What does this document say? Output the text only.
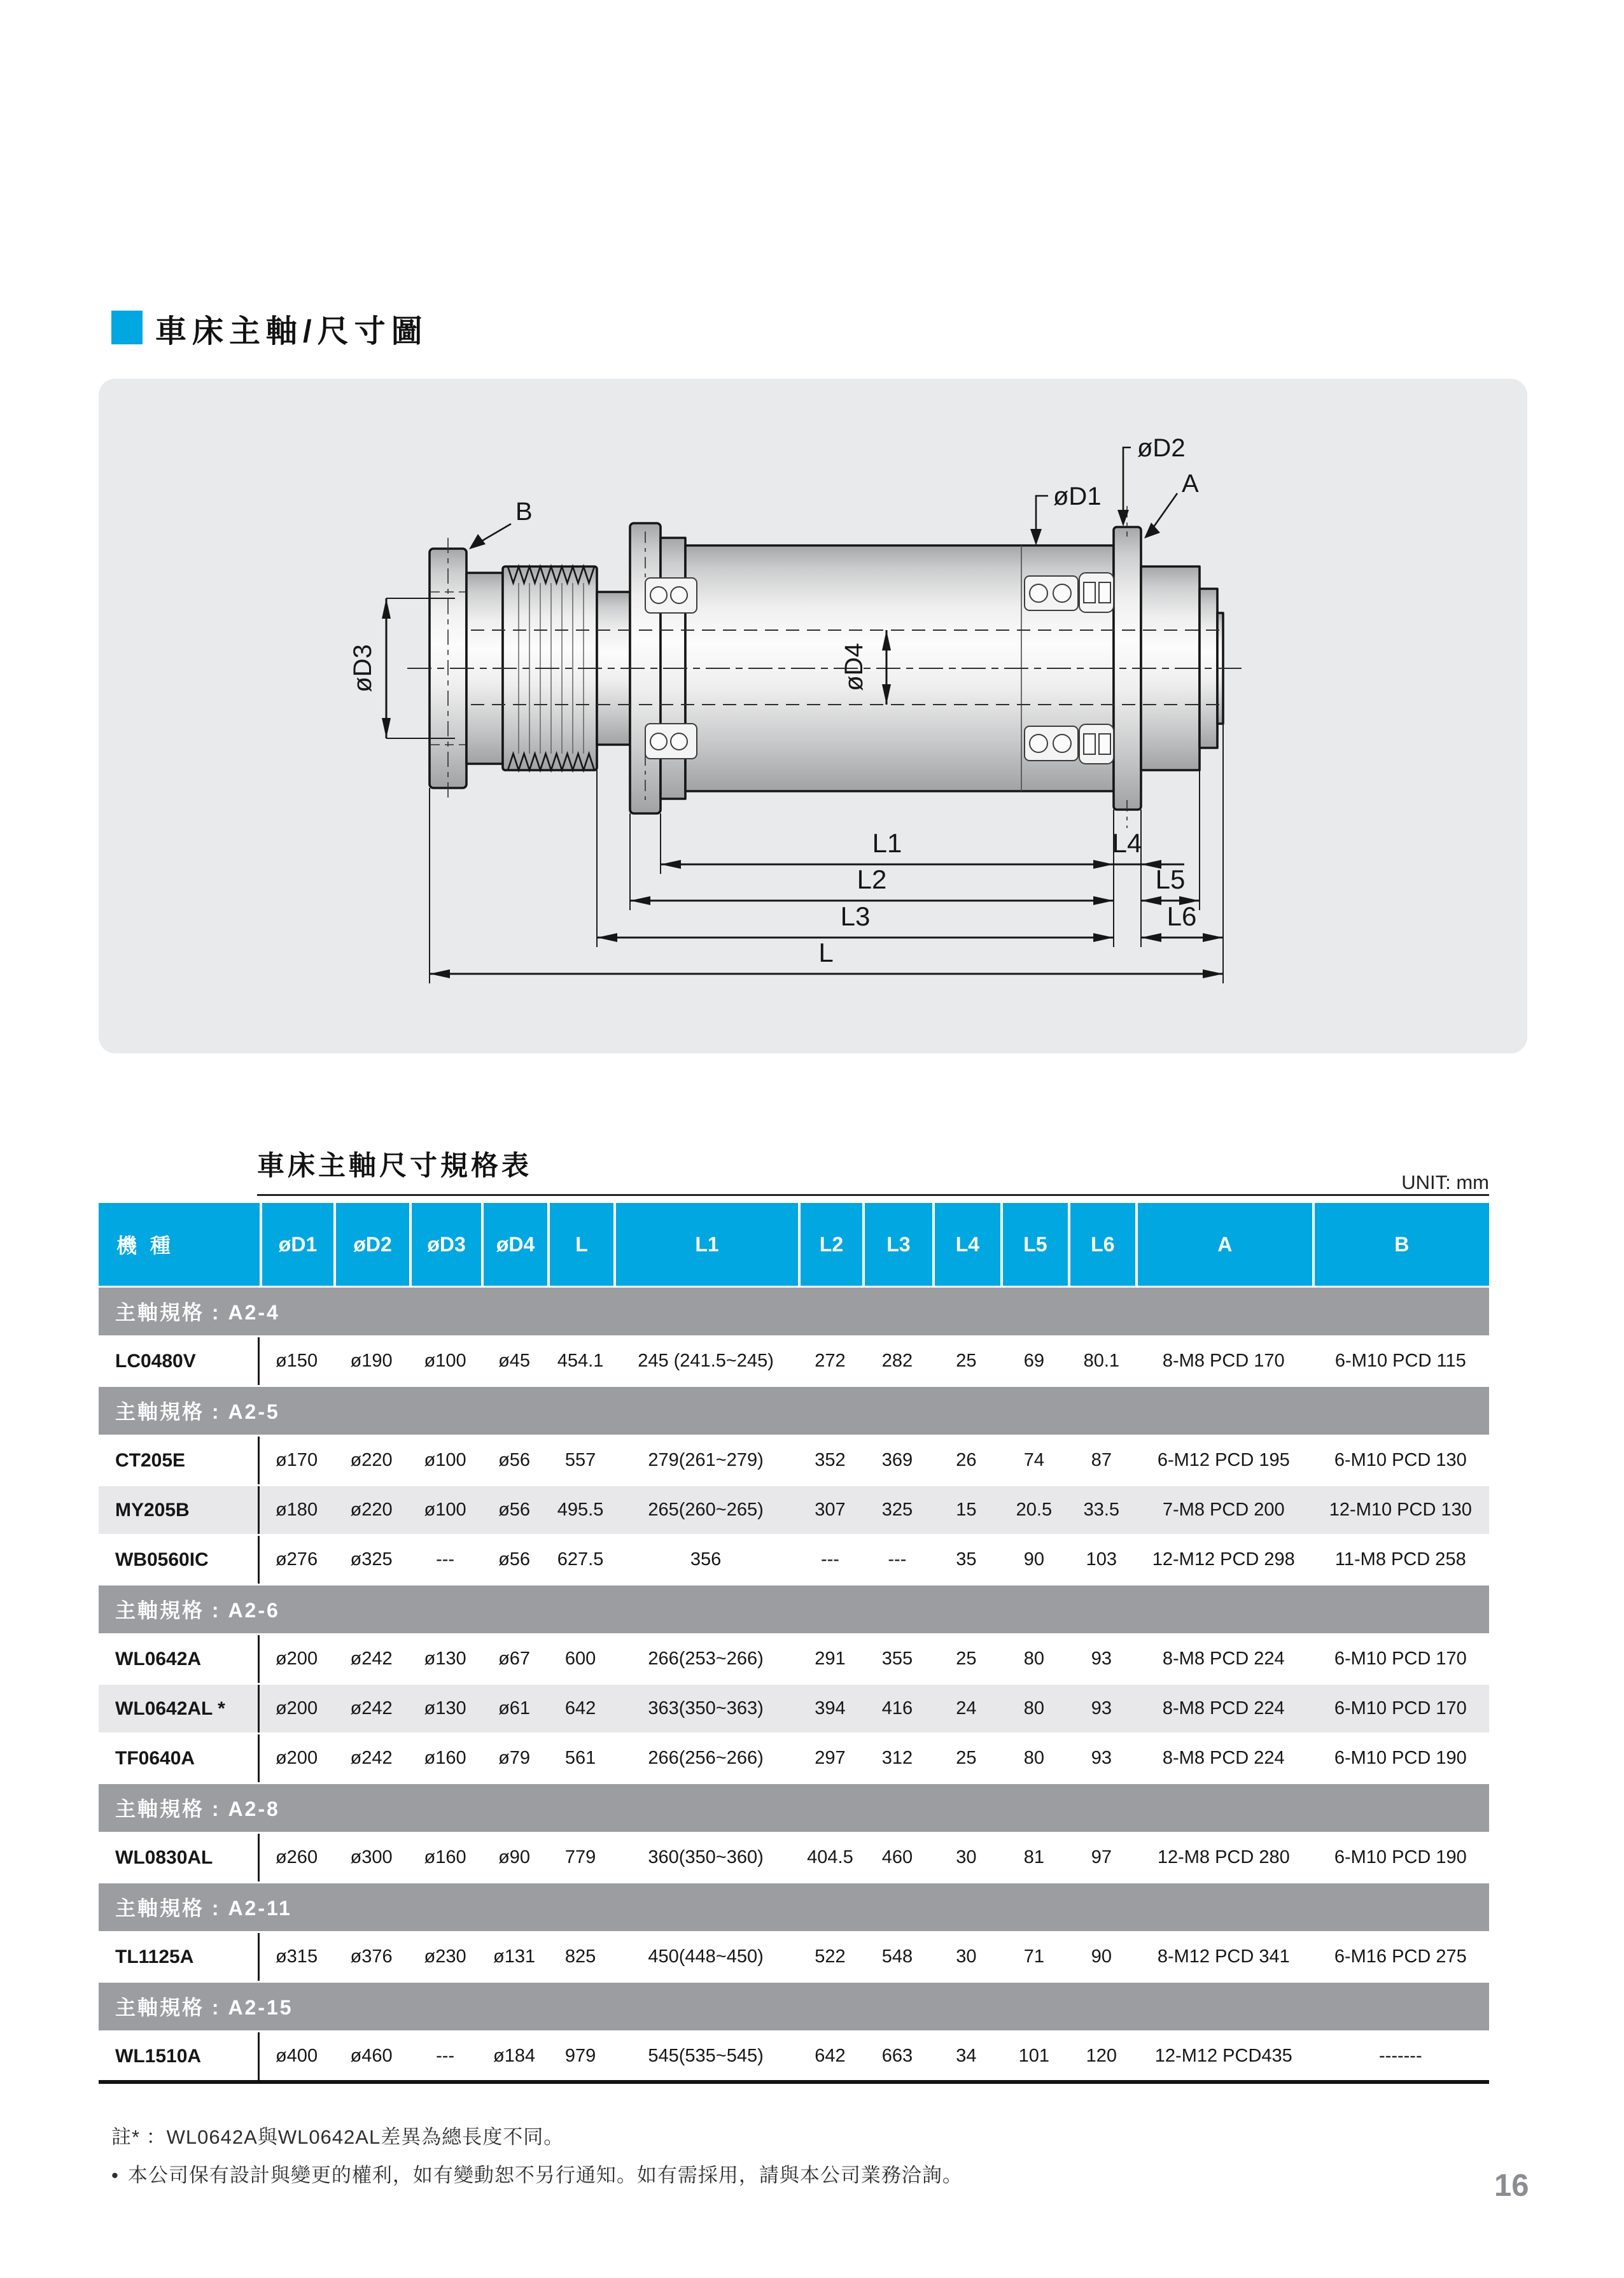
車床主軸/尺寸圖
B
øD1
øD2
A
øD3	øD4
L1	L4
L2	L5
L3	L6
L
車床主軸尺寸規格表
UNIT: mm
機 種	øD1	øD2	øD3	øD4	L	L1	L2	L3	L4	L5	L6	A	B
主軸規格 : A2-4
LC0480V	ø150	ø190	ø100	ø45	454.1	245 (241.5~245)	272	282	25	69	80.1	8-M8 PCD 170	6-M10 PCD 115
主軸規格 : A2-5
CT205E	ø170	ø220	ø100	ø56	557	279(261~279)	352	369	26	74	87	6-M12 PCD 195	6-M10 PCD 130
MY205B	ø180	ø220	ø100	ø56	495.5	265(260~265)	307	325	15	20.5	33.5	7-M8 PCD 200	12-M10 PCD 130
WB0560IC	ø276	ø325	---	ø56	627.5	356	---	---	35	90	103	12-M12 PCD 298	11-M8 PCD 258
主軸規格 : A2-6
WL0642A	ø200	ø242	ø130	ø67	600	266(253~266)	291	355	25	80	93	8-M8 PCD 224	6-M10 PCD 170
WL0642AL *	ø200	ø242	ø130	ø61	642	363(350~363)	394	416	24	80	93	8-M8 PCD 224	6-M10 PCD 170
TF0640A	ø200	ø242	ø160	ø79	561	266(256~266)	297	312	25	80	93	8-M8 PCD 224	6-M10 PCD 190
主軸規格 : A2-8
WL0830AL	ø260	ø300	ø160	ø90	779	360(350~360)	404.5	460	30	81	97	12-M8 PCD 280	6-M10 PCD 190
主軸規格 : A2-11
TL1125A	ø315	ø376	ø230	ø131	825	450(448~450)	522	548	30	71	90	8-M12 PCD 341	6-M16 PCD 275
主軸規格 : A2-15
WL1510A	ø400	ø460	---	ø184	979	545(535~545)	642	663	34	101	120	12-M12 PCD435	-------

註* ：WL0642A與WL0642AL差異為總長度不同。

• 本公司保有設計與變更的權利，如有變動恕不另行通知。如有需採用，請與本公司業務洽詢。	16
